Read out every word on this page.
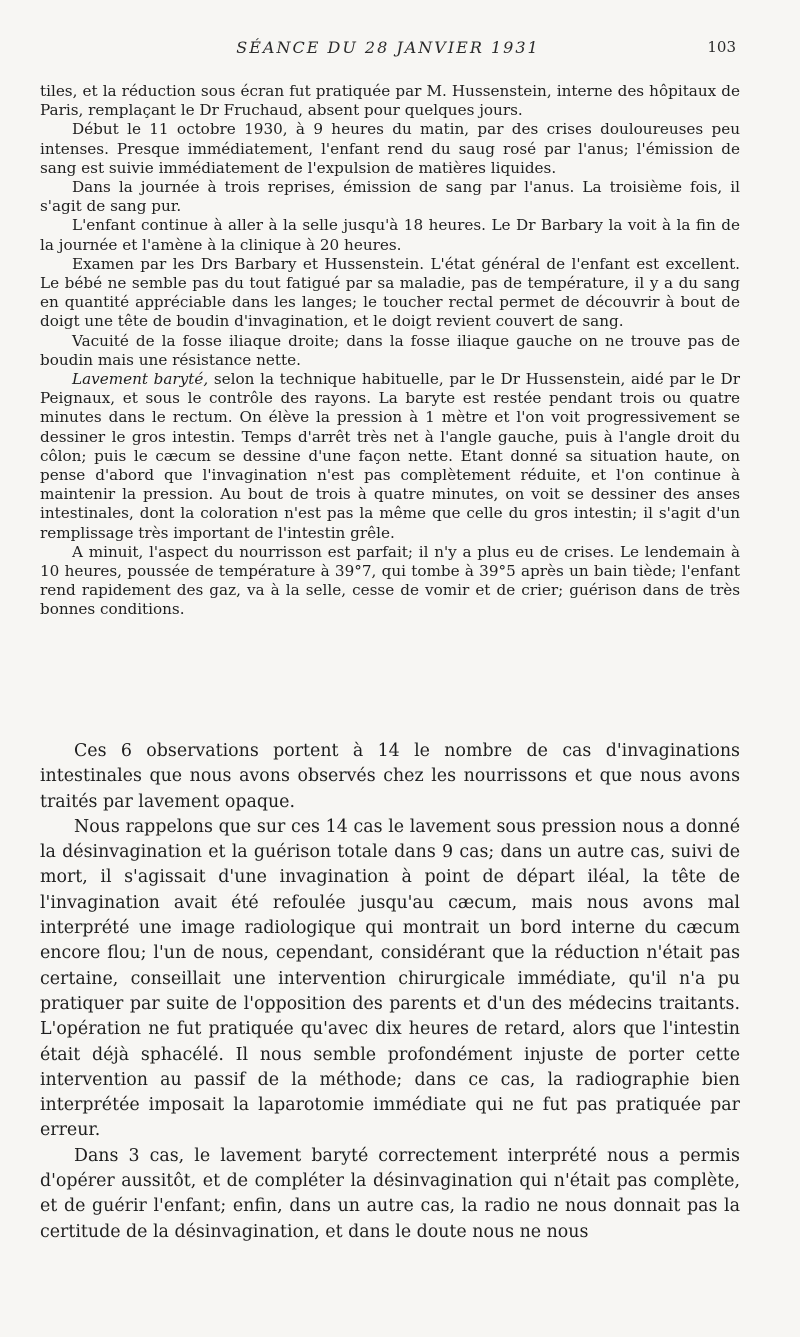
SÉANCE DU 28 JANVIER 1931	103

tiles, et la réduction sous écran fut pratiquée par M. Hussenstein, interne des hôpitaux de Paris, remplaçant le Dr Fruchaud, absent pour quelques jours.

Début le 11 octobre 1930, à 9 heures du matin, par des crises douloureuses peu intenses. Presque immédiatement, l'enfant rend du saug rosé par l'anus; l'émission de sang est suivie immédiatement de l'expulsion de matières liquides.

Dans la journée à trois reprises, émission de sang par l'anus. La troisième fois, il s'agit de sang pur.

L'enfant continue à aller à la selle jusqu'à 18 heures. Le Dr Barbary la voit à la fin de la journée et l'amène à la clinique à 20 heures.

Examen par les Drs Barbary et Hussenstein. L'état général de l'enfant est excellent. Le bébé ne semble pas du tout fatigué par sa maladie, pas de température, il y a du sang en quantité appréciable dans les langes; le toucher rectal permet de découvrir à bout de doigt une tête de boudin d'invagination, et le doigt revient couvert de sang.

Vacuité de la fosse iliaque droite; dans la fosse iliaque gauche on ne trouve pas de boudin mais une résistance nette.

Lavement baryté, selon la technique habituelle, par le Dr Hussenstein, aidé par le Dr Peignaux, et sous le contrôle des rayons. La baryte est restée pendant trois ou quatre minutes dans le rectum. On élève la pression à 1 mètre et l'on voit progressivement se dessiner le gros intestin. Temps d'arrêt très net à l'angle gauche, puis à l'angle droit du côlon; puis le cæcum se dessine d'une façon nette. Etant donné sa situation haute, on pense d'abord que l'invagination n'est pas complètement réduite, et l'on continue à maintenir la pression. Au bout de trois à quatre minutes, on voit se dessiner des anses intestinales, dont la coloration n'est pas la même que celle du gros intestin; il s'agit d'un remplissage très important de l'intestin grêle.

A minuit, l'aspect du nourrisson est parfait; il n'y a plus eu de crises. Le lendemain à 10 heures, poussée de température à 39°7, qui tombe à 39°5 après un bain tiède; l'enfant rend rapidement des gaz, va à la selle, cesse de vomir et de crier; guérison dans de très bonnes conditions.

Ces 6 observations portent à 14 le nombre de cas d'invaginations intestinales que nous avons observés chez les nourrissons et que nous avons traités par lavement opaque.

Nous rappelons que sur ces 14 cas le lavement sous pression nous a donné la désinvagination et la guérison totale dans 9 cas; dans un autre cas, suivi de mort, il s'agissait d'une invagination à point de départ iléal, la tête de l'invagination avait été refoulée jusqu'au cæcum, mais nous avons mal interprété une image radiologique qui montrait un bord interne du cæcum encore flou; l'un de nous, cependant, considérant que la réduction n'était pas certaine, conseillait une intervention chirurgicale immédiate, qu'il n'a pu pratiquer par suite de l'opposition des parents et d'un des médecins traitants. L'opération ne fut pratiquée qu'avec dix heures de retard, alors que l'intestin était déjà sphacélé. Il nous semble profondément injuste de porter cette intervention au passif de la méthode; dans ce cas, la radiographie bien interprétée imposait la laparotomie immédiate qui ne fut pas pratiquée par erreur.

Dans 3 cas, le lavement baryté correctement interprété nous a permis d'opérer aussitôt, et de compléter la désinvagination qui n'était pas complète, et de guérir l'enfant; enfin, dans un autre cas, la radio ne nous donnait pas la certitude de la désinvagination, et dans le doute nous ne nous
